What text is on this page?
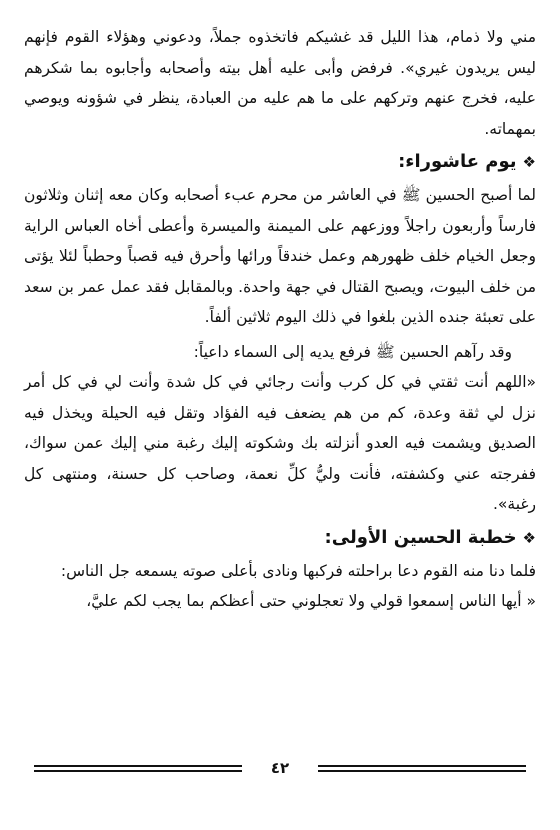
مني ولا ذمام، هذا الليل قد غشيكم فاتخذوه جملاً، ودعوني وهؤلاء القوم فإنهم ليس يريدون غيري». فرفض وأبى عليه أهل بيته وأصحابه وأجابوه بما شكرهم عليه، فخرج عنهم وتركهم على ما هم عليه من العبادة، ينظر في شؤونه ويوصي بمهماته.

❖
يوم عاشوراء:

لما أصبح الحسين ﷺ في العاشر من محرم عبء أصحابه وكان معه إثنان وثلاثون فارساً وأربعون راجلاً ووزعهم على الميمنة والميسرة وأعطى أخاه العباس الراية وجعل الخيام خلف ظهورهم وعمل خندقاً ورائها وأحرق فيه قصباً وحطباً لئلا يؤتى من خلف البيوت، ويصبح القتال في جهة واحدة. وبالمقابل فقد عمل عمر بن سعد على تعبئة جنده الذين بلغوا في ذلك اليوم ثلاثين ألفاً.

وقد رآهم الحسين ﷺ فرفع يديه إلى السماء داعياً:

«اللهم أنت ثقتي في كل كرب وأنت رجائي في كل شدة وأنت لي في كل أمر نزل لي ثقة وعدة، كم من هم يضعف فيه الفؤاد وتقل فيه الحيلة ويخذل فيه الصديق ويشمت فيه العدو أنزلته بك وشكوته إليك رغبة مني إليك عمن سواك، ففرجته عني وكشفته، فأنت وليُّ كلِّ نعمة، وصاحب كل حسنة، ومنتهى كل رغبة».

❖
خطبة الحسين الأولى:

فلما دنا منه القوم دعا براحلته فركبها ونادى بأعلى صوته يسمعه جل الناس:

« أيها الناس إسمعوا قولي ولا تعجلوني حتى أعظكم بما يجب لكم عليَّ،

٤٢
